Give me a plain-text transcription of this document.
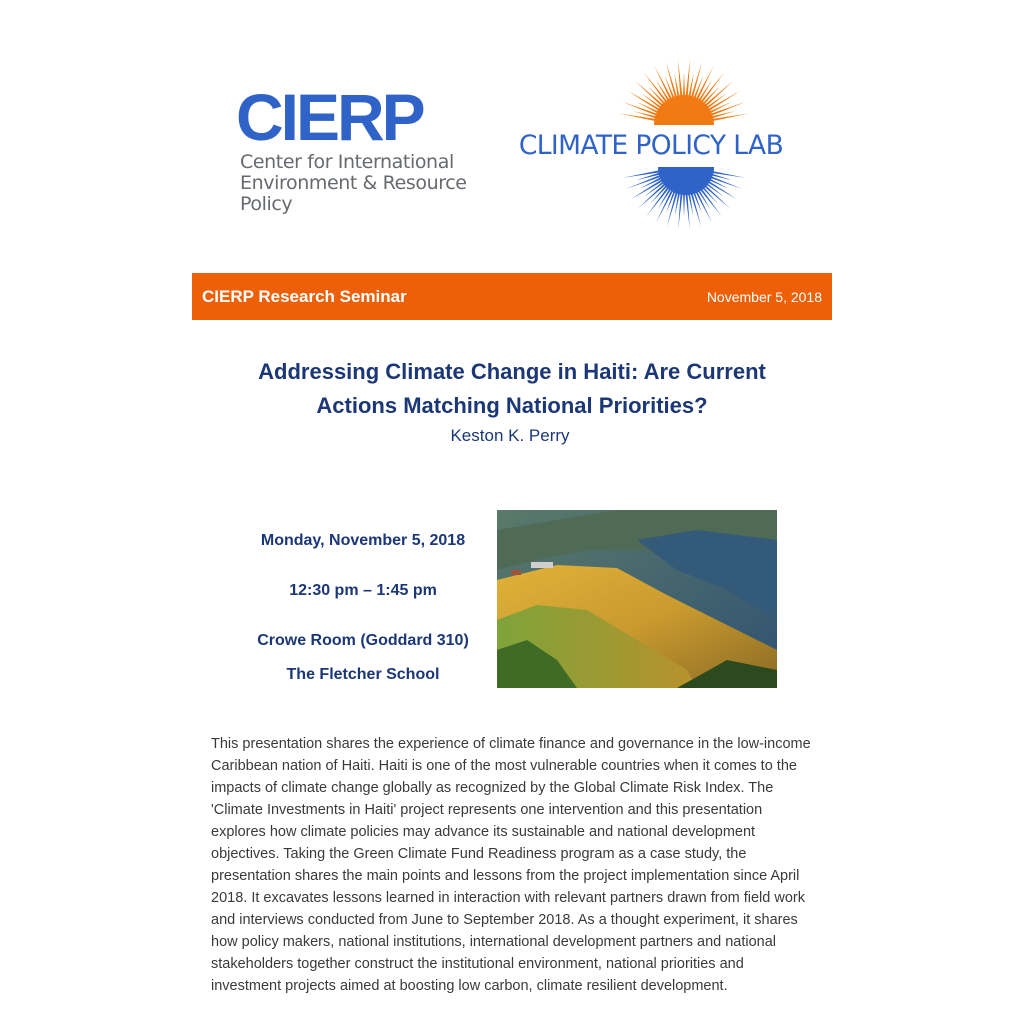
CIERP
Center for International
Environment & Resource Policy
CLIMATE POLICY LAB
CIERP Research Seminar	November 5, 2018
Addressing Climate Change in Haiti: Are Current
Actions Matching National Priorities?
Keston K. Perry
Monday, November 5, 2018
12:30 pm – 1:45 pm
Crowe Room (Goddard 310)
The Fletcher School

This presentation shares the experience of climate finance and governance in the low-income Caribbean nation of Haiti. Haiti is one of the most vulnerable countries when it comes to the impacts of climate change globally as recognized by the Global Climate Risk Index. The 'Climate Investments in Haiti' project represents one intervention and this presentation explores how climate policies may advance its sustainable and national development objectives. Taking the Green Climate Fund Readiness program as a case study, the presentation shares the main points and lessons from the project implementation since April 2018. It excavates lessons learned in interaction with relevant partners drawn from field work and interviews conducted from June to September 2018. As a thought experiment, it shares how policy makers, national institutions, international development partners and national stakeholders together construct the institutional environment, national priorities and investment projects aimed at boosting low carbon, climate resilient development.
